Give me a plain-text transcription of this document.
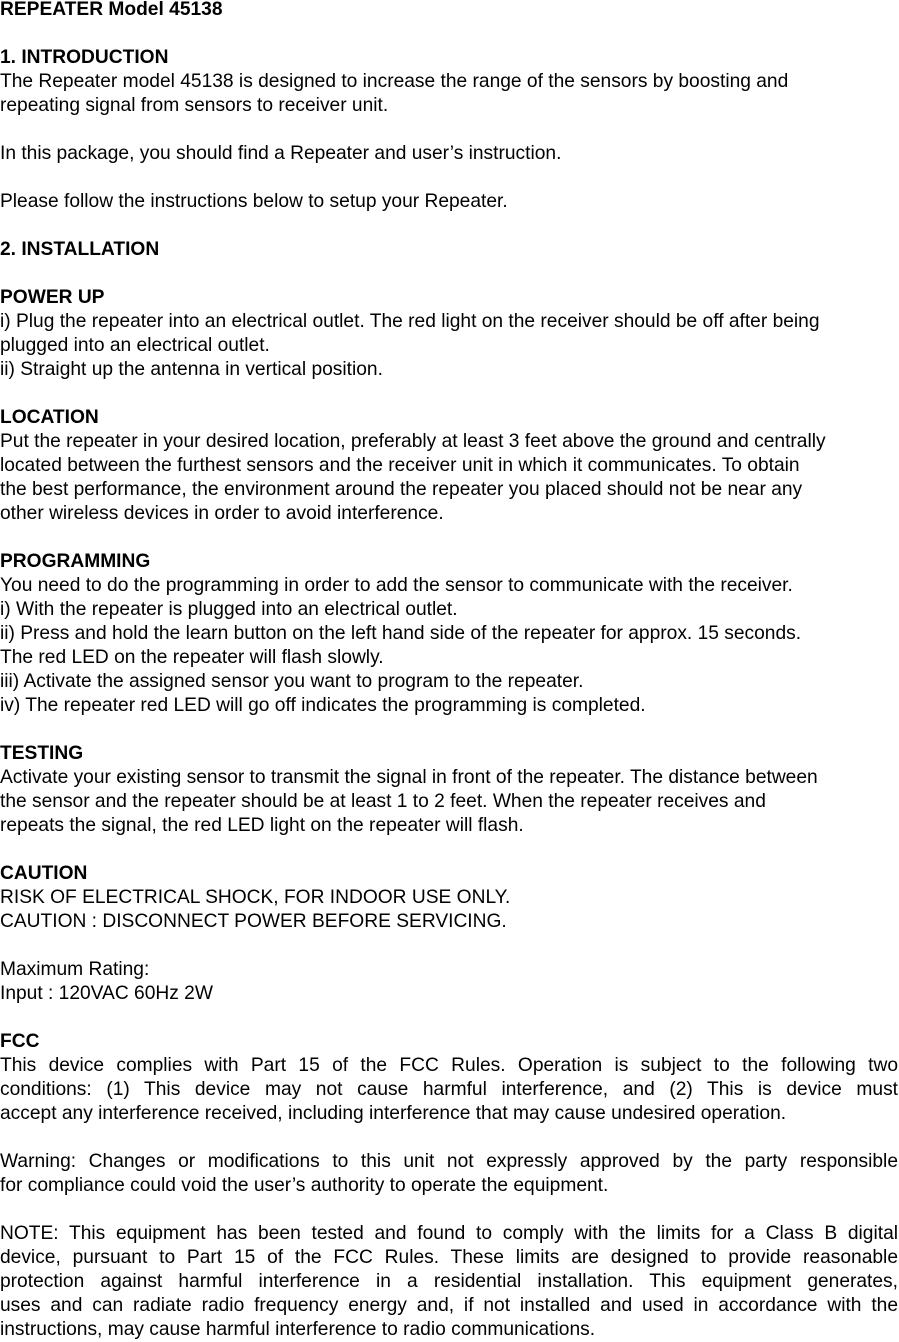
REPEATER Model 45138
1. INTRODUCTION
The Repeater model 45138 is designed to increase the range of the sensors by boosting and
repeating signal from sensors to receiver unit.
In this package, you should find a Repeater and user’s instruction.
Please follow the instructions below to setup your Repeater.
2. INSTALLATION
POWER UP
i) Plug the repeater into an electrical outlet. The red light on the receiver should be off after being
plugged into an electrical outlet.
ii) Straight up the antenna in vertical position.
LOCATION
Put the repeater in your desired location, preferably at least 3 feet above the ground and centrally
located between the furthest sensors and the receiver unit in which it communicates. To obtain
the best performance, the environment around the repeater you placed should not be near any
other wireless devices in order to avoid interference.
PROGRAMMING
You need to do the programming in order to add the sensor to communicate with the receiver.
i) With the repeater is plugged into an electrical outlet.
ii) Press and hold the learn button on the left hand side of the repeater for approx. 15 seconds.
The red LED on the repeater will flash slowly.
iii) Activate the assigned sensor you want to program to the repeater.
iv) The repeater red LED will go off indicates the programming is completed.
TESTING
Activate your existing sensor to transmit the signal in front of the repeater. The distance between
the sensor and the repeater should be at least 1 to 2 feet. When the repeater receives and
repeats the signal, the red LED light on the repeater will flash.
CAUTION
RISK OF ELECTRICAL SHOCK, FOR INDOOR USE ONLY.
CAUTION : DISCONNECT POWER BEFORE SERVICING.
Maximum Rating:
Input : 120VAC 60Hz 2W
FCC
This device complies with Part 15 of the FCC Rules. Operation is subject to the following two
conditions: (1) This device may not cause harmful interference, and (2) This is device must
accept any interference received, including interference that may cause undesired operation.
Warning: Changes or modifications to this unit not expressly approved by the party responsible
for compliance could void the user’s authority to operate the equipment.
NOTE: This equipment has been tested and found to comply with the limits for a Class B digital
device, pursuant to Part 15 of the FCC Rules. These limits are designed to provide reasonable
protection against harmful interference in a residential installation. This equipment generates,
uses and can radiate radio frequency energy and, if not installed and used in accordance with the
instructions, may cause harmful interference to radio communications.
